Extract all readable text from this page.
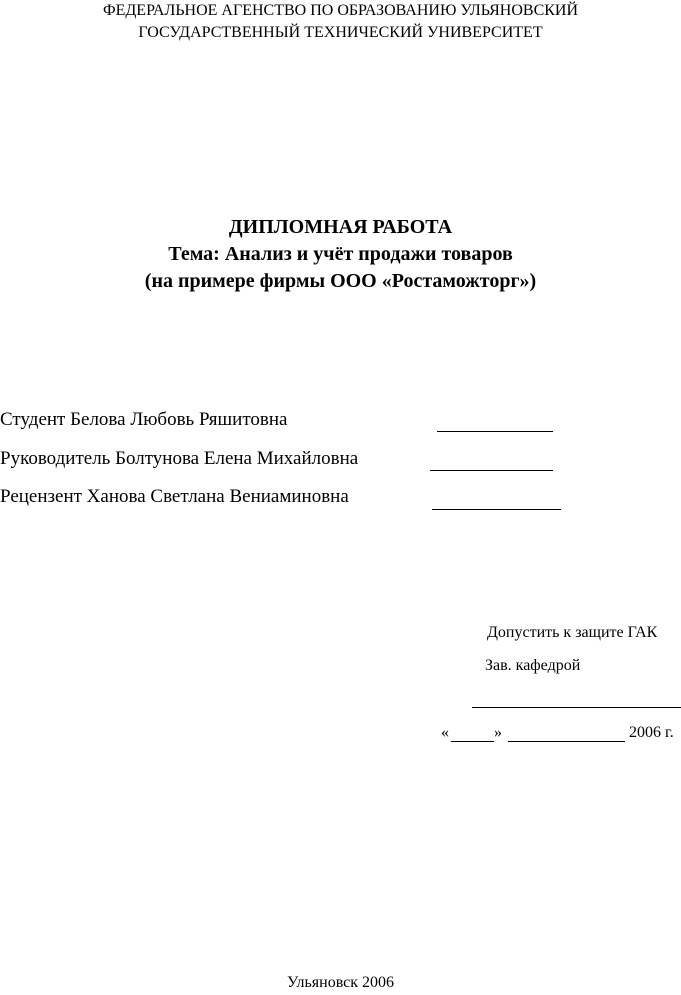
ФЕДЕРАЛЬНОЕ АГЕНСТВО ПО ОБРАЗОВАНИЮ УЛЬЯНОВСКИЙ
ГОСУДАРСТВЕННЫЙ ТЕХНИЧЕСКИЙ УНИВЕРСИТЕТ
ДИПЛОМНАЯ РАБОТА
Тема: Анализ и учёт продажи товаров
(на примере фирмы ООО «Ростаможторг»)
Студент Белова Любовь Ряшитовна
Руководитель Болтунова Елена Михайловна
Рецензент Ханова Светлана Вениаминовна
Допустить к защите ГАК
Зав. кафедрой
«	»	2006 г.
Ульяновск 2006
